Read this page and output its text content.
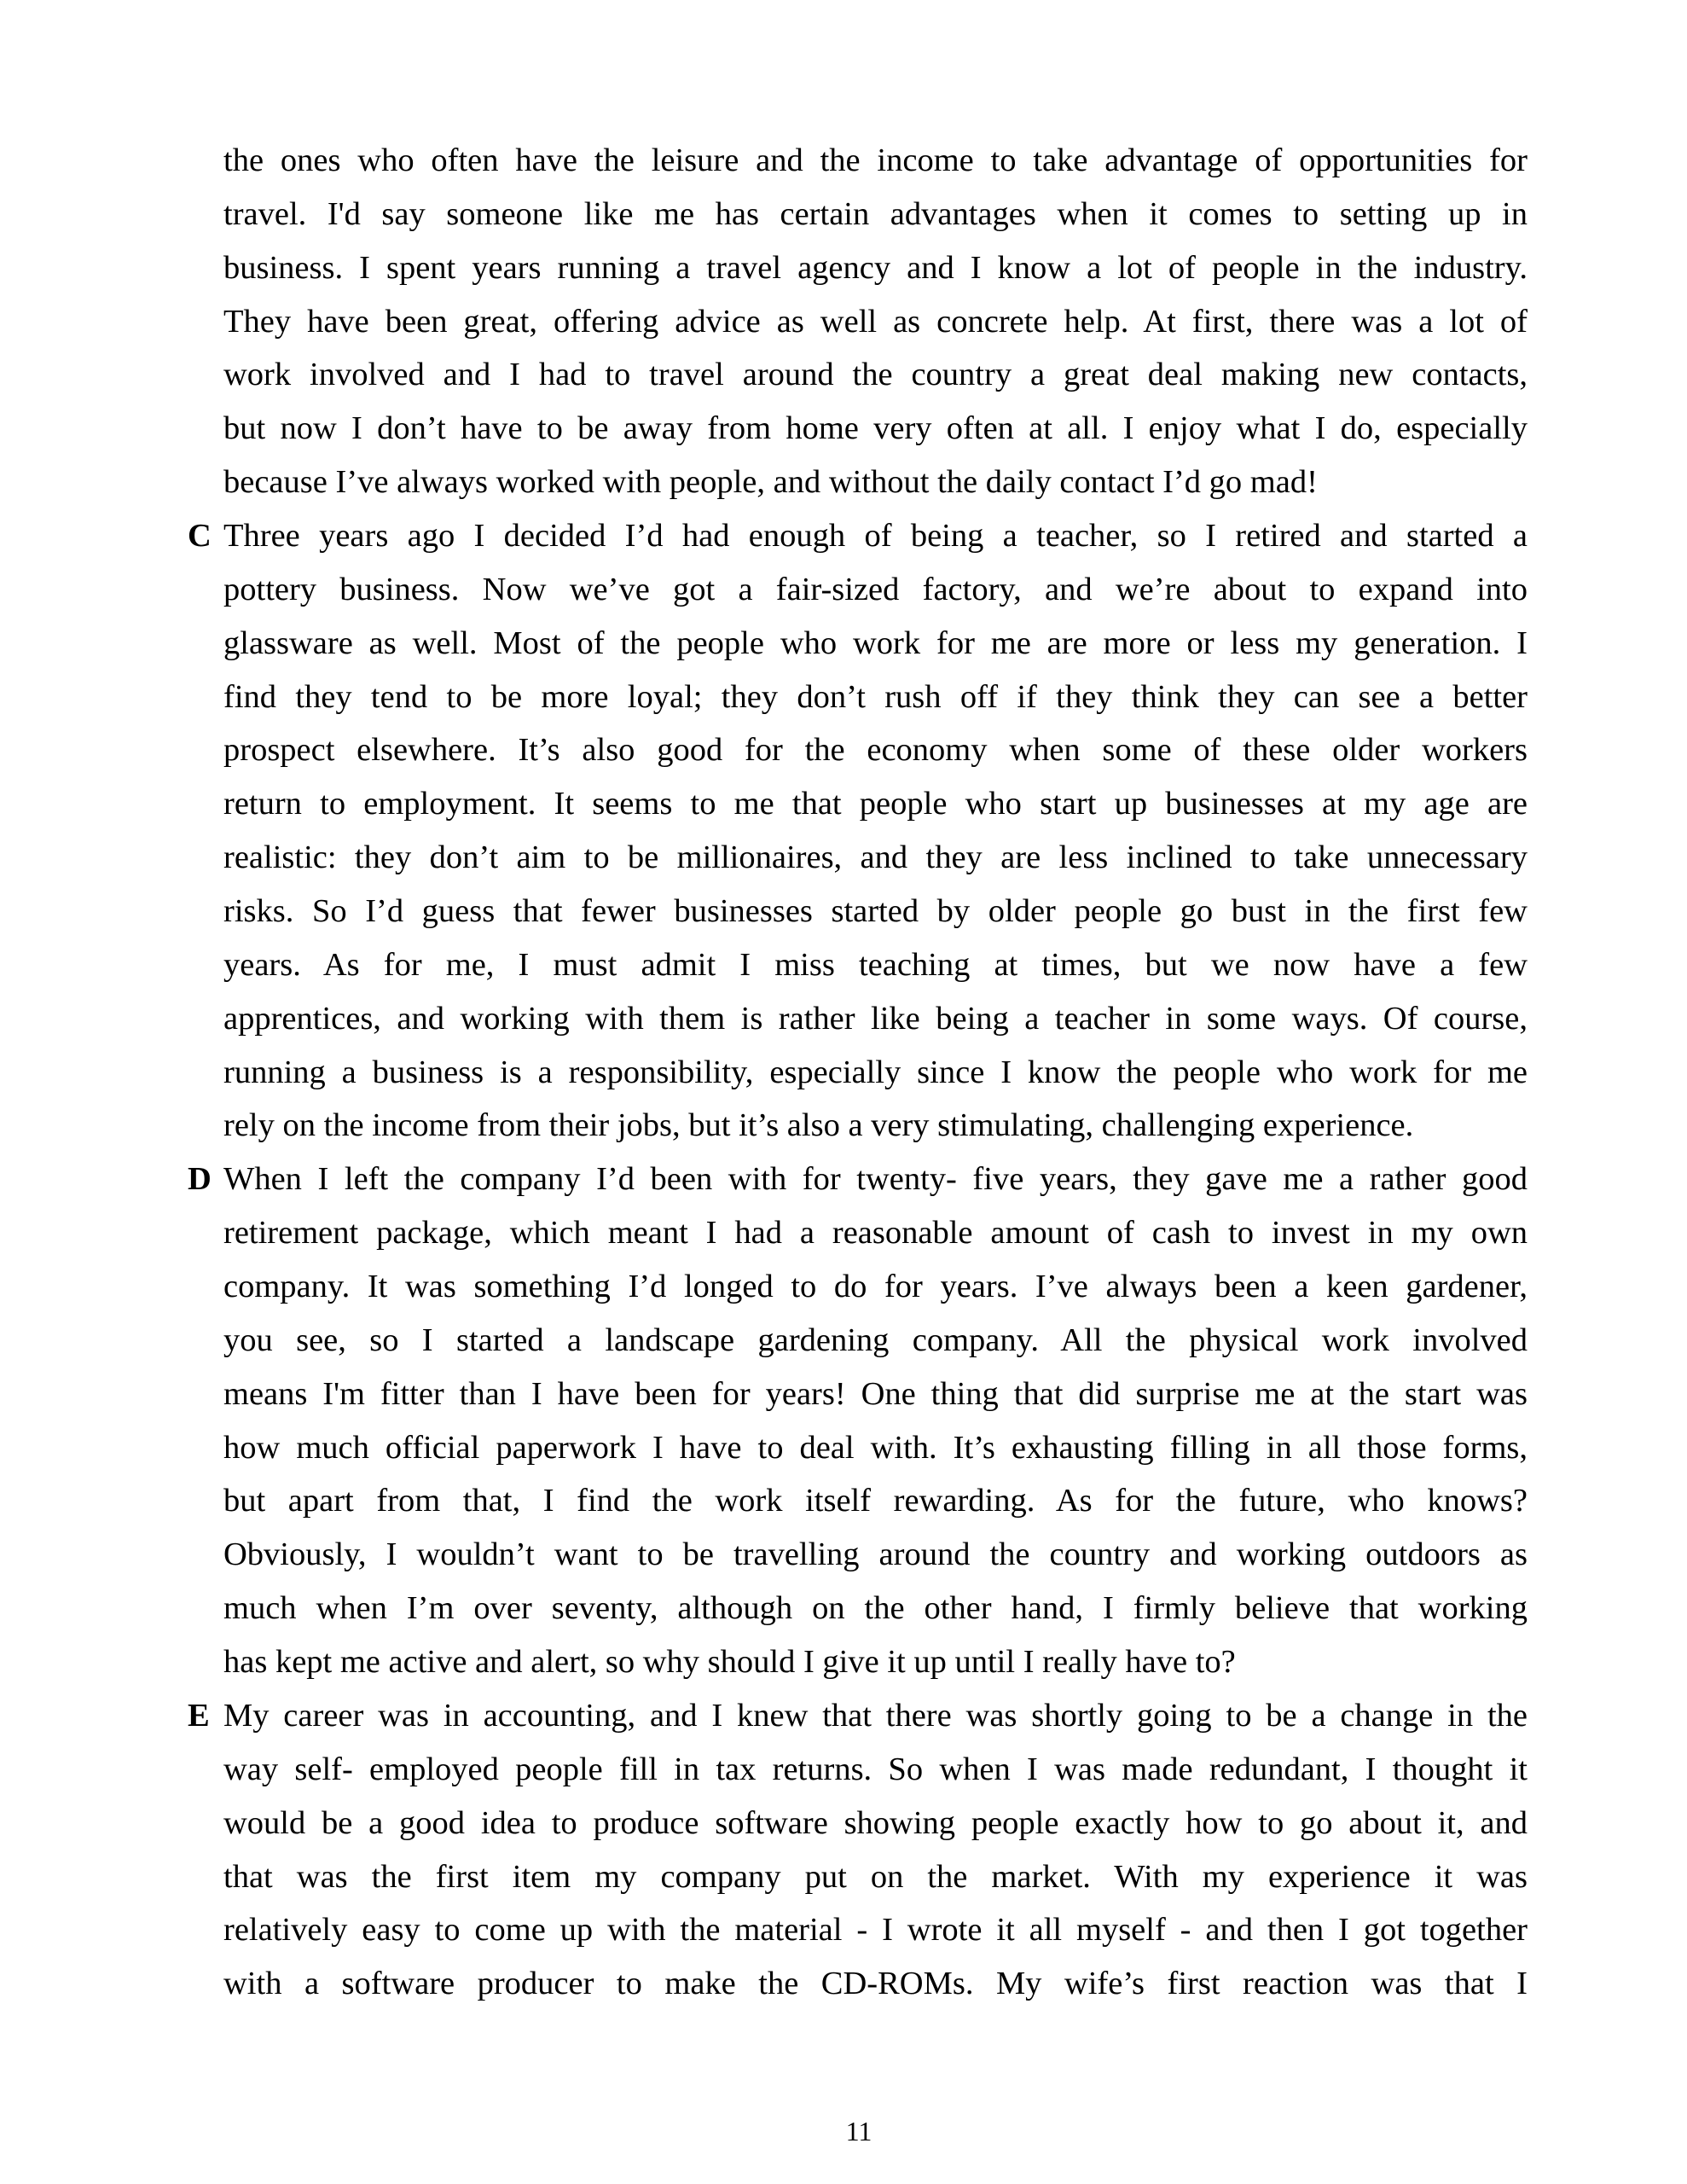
the ones who often have the leisure and the income to take advantage of opportunities for
travel. I'd say someone like me has certain advantages when it comes to setting up in
business. I spent years running a travel agency and I know a lot of people in the industry.
They have been great, offering advice as well as concrete help. At first, there was a lot of
work involved and I had to travel around the country a great deal making new contacts,
but now I don’t have to be away from home very often at all. I enjoy what I do, especially
because I’ve always worked with people, and without the daily contact I’d go mad!
C Three years ago I decided I’d had enough of being a teacher, so I retired and started a
pottery business. Now we’ve got a fair-sized factory, and we’re about to expand into
glassware as well. Most of the people who work for me are more or less my generation. I
find they tend to be more loyal; they don’t rush off if they think they can see a better
prospect elsewhere. It’s also good for the economy when some of these older workers
return to employment. It seems to me that people who start up businesses at my age are
realistic: they don’t aim to be millionaires, and they are less inclined to take unnecessary
risks. So I’d guess that fewer businesses started by older people go bust in the first few
years. As for me, I must admit I miss teaching at times, but we now have a few
apprentices, and working with them is rather like being a teacher in some ways. Of course,
running a business is a responsibility, especially since I know the people who work for me
rely on the income from their jobs, but it’s also a very stimulating, challenging experience.
D When I left the company I’d been with for twenty- five years, they gave me a rather good
retirement package, which meant I had a reasonable amount of cash to invest in my own
company. It was something I’d longed to do for years. I’ve always been a keen gardener,
you see, so I started a landscape gardening company. All the physical work involved
means I'm fitter than I have been for years! One thing that did surprise me at the start was
how much official paperwork I have to deal with. It’s exhausting filling in all those forms,
but apart from that, I find the work itself rewarding. As for the future, who knows?
Obviously, I wouldn’t want to be travelling around the country and working outdoors as
much when I’m over seventy, although on the other hand, I firmly believe that working
has kept me active and alert, so why should I give it up until I really have to?
E My career was in accounting, and I knew that there was shortly going to be a change in the
way self- employed people fill in tax returns. So when I was made redundant, I thought it
would be a good idea to produce software showing people exactly how to go about it, and
that was the first item my company put on the market. With my experience it was
relatively easy to come up with the material - I wrote it all myself - and then I got together
with a software producer to make the CD-ROMs. My wife’s first reaction was that I
11
